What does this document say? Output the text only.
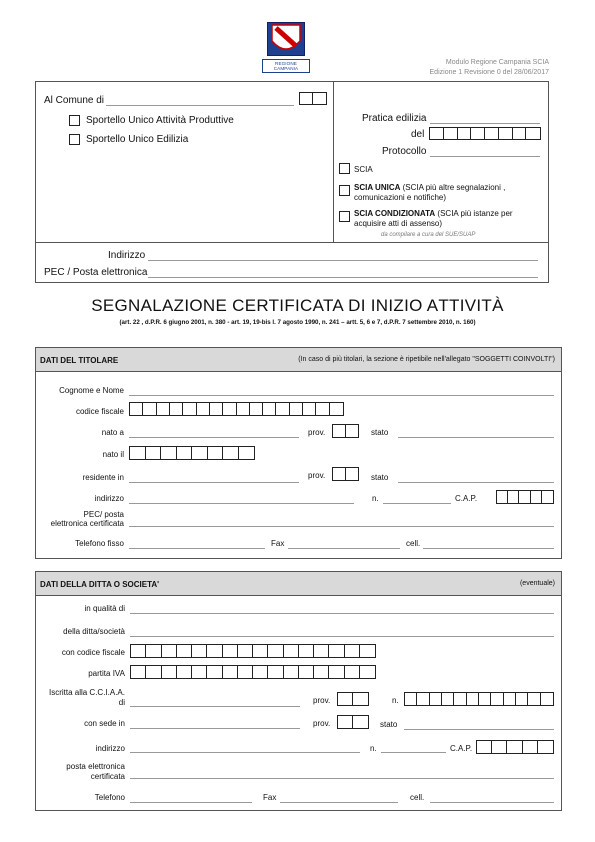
REGIONE CAMPANIA
Modulo Regione Campania SCIA
Edizione 1 Revisione 0 del 28/06/2017
Al Comune di
Sportello Unico Attività Produttive
Sportello Unico Edilizia
Pratica edilizia
del
Protocollo
SCIA
SCIA UNICA (SCIA più altre segnalazioni ,
comunicazioni e notifiche)
SCIA CONDIZIONATA (SCIA più istanze per
acquisire atti di assenso)
da compilare a cura del SUE/SUAP
Indirizzo
PEC / Posta elettronica
SEGNALAZIONE CERTIFICATA DI INIZIO ATTIVITÀ
(art. 22 , d.P.R. 6 giugno 2001, n. 380 - art. 19, 19-bis l. 7 agosto 1990, n. 241 – artt. 5, 6 e 7, d.P.R. 7 settembre 2010, n. 160)
DATI DEL TITOLARE	(In caso di più titolari, la sezione è ripetibile nell'allegato "SOGGETTI COINVOLTI")
Cognome e Nome
codice fiscale
nato a	prov.	stato
nato il
residente in	prov.	stato
indirizzo	n.	C.A.P.
PEC/ posta
elettronica certificata
Telefono fisso	Fax	cell.
DATI DELLA DITTA O SOCIETA'	(eventuale)
in qualità di
della ditta/società
con codice fiscale
partita IVA
Iscritta alla C.C.I.A.A.
di	prov.	n.
con sede in	prov.	stato
indirizzo	n.	C.A.P.
posta elettronica
certificata
Telefono	Fax	cell.
